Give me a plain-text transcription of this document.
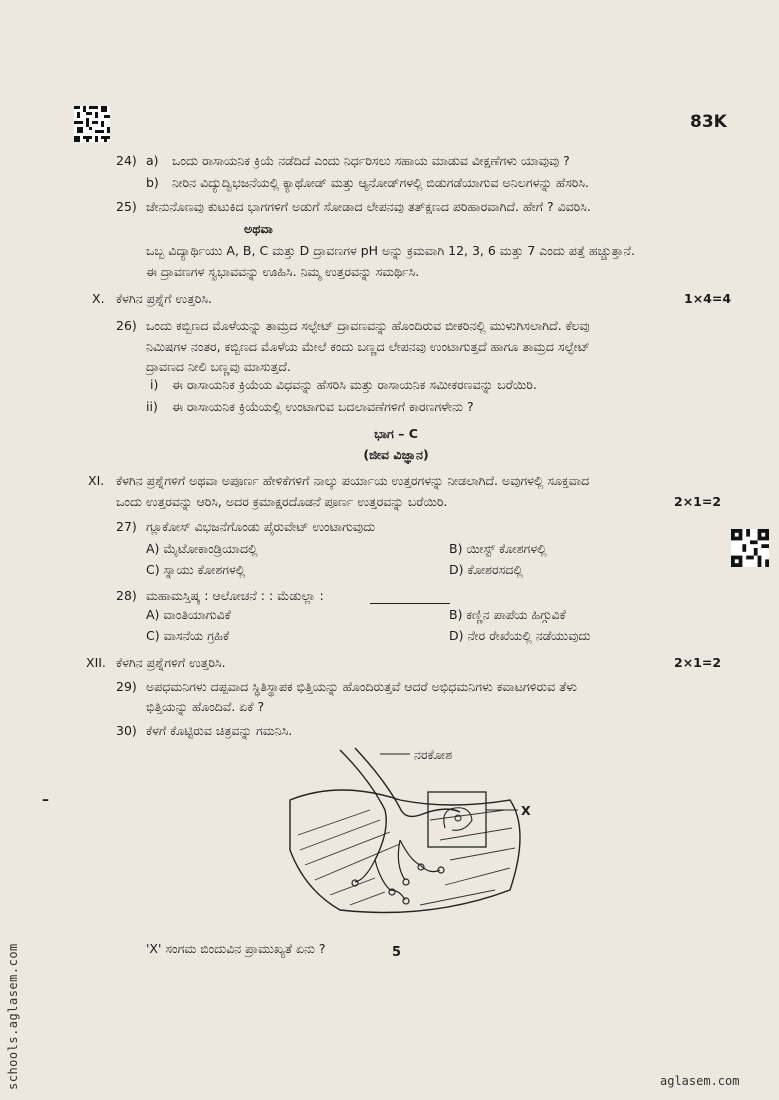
83K
24) a) ಒಂದು ರಾಸಾಯನಿಕ ಕ್ರಿಯೆ ನಡೆದಿದೆ ಎಂದು ನಿರ್ಧರಿಸಲು ಸಹಾಯ ಮಾಡುವ ವೀಕ್ಷಣೆಗಳು ಯಾವುವು ?
b) ನೀರಿನ ವಿದ್ಯುದ್ವಿಭಜನೆಯಲ್ಲಿ ಕ್ಯಾಥೋಡ್ ಮತ್ತು ಆ್ಯನೋಡ್‌ಗಳಲ್ಲಿ ಬಿಡುಗಡೆಯಾಗುವ ಅನಿಲಗಳನ್ನು ಹೆಸರಿಸಿ.
25) ಜೇನುನೊಣವು ಕುಟುಕಿದ ಭಾಗಗಳಿಗೆ ಅಡುಗೆ ಸೋಡಾದ ಲೇಪನವು ತತ್‌ಕ್ಷಣದ ಪರಿಹಾರವಾಗಿದೆ. ಹೇಗೆ ? ವಿವರಿಸಿ.
ಅಥವಾ
ಒಬ್ಬ ವಿದ್ಯಾರ್ಥಿಯು A, B, C ಮತ್ತು D ದ್ರಾವಣಗಳ pH ಅನ್ನು ಕ್ರಮವಾಗಿ 12, 3, 6 ಮತ್ತು 7 ಎಂದು ಪತ್ತೆ ಹಚ್ಚುತ್ತಾನೆ.
ಈ ದ್ರಾವಣಗಳ ಸ್ವಭಾವವನ್ನು ಊಹಿಸಿ. ನಿಮ್ಮ ಉತ್ತರವನ್ನು ಸಮರ್ಥಿಸಿ.
X. ಕೆಳಗಿನ ಪ್ರಶ್ನೆಗೆ ಉತ್ತರಿಸಿ.	1×4=4
26) ಒಂದು ಕಬ್ಬಿಣದ ಮೊಳೆಯನ್ನು ತಾಮ್ರದ ಸಲ್ಫೇಟ್ ದ್ರಾವಣವನ್ನು ಹೊಂದಿರುವ ಬೀಕರಿನಲ್ಲಿ ಮುಳುಗಿಸಲಾಗಿದೆ. ಕೆಲವು
ನಿಮಿಷಗಳ ನಂತರ, ಕಬ್ಬಿಣದ ಮೊಳೆಯ ಮೇಲೆ ಕಂದು ಬಣ್ಣದ ಲೇಪನವು ಉಂಟಾಗುತ್ತದೆ ಹಾಗೂ ತಾಮ್ರದ ಸಲ್ಫೇಟ್
ದ್ರಾವಣದ ನೀಲಿ ಬಣ್ಣವು ಮಾಸುತ್ತದೆ.
i) ಈ ರಾಸಾಯನಿಕ ಕ್ರಿಯೆಯ ವಿಧವನ್ನು ಹೆಸರಿಸಿ ಮತ್ತು ರಾಸಾಯನಿಕ ಸಮೀಕರಣವನ್ನು ಬರೆಯಿರಿ.
ii) ಈ ರಾಸಾಯನಿಕ ಕ್ರಿಯೆಯಲ್ಲಿ ಉಂಟಾಗುವ ಬದಲಾವಣೆಗಳಿಗೆ ಕಾರಣಗಳೇನು ?
ಭಾಗ – C
(ಜೀವ ವಿಜ್ಞಾನ)
XI. ಕೆಳಗಿನ ಪ್ರಶ್ನೆಗಳಿಗೆ ಅಥವಾ ಅಪೂರ್ಣ ಹೇಳಿಕೆಗಳಿಗೆ ನಾಲ್ಕು ಪರ್ಯಾಯ ಉತ್ತರಗಳನ್ನು ನೀಡಲಾಗಿದೆ. ಅವುಗಳಲ್ಲಿ ಸೂಕ್ತವಾದ
ಒಂದು ಉತ್ತರವನ್ನು ಆರಿಸಿ, ಅದರ ಕ್ರಮಾಕ್ಷರದೊಡನೆ ಪೂರ್ಣ ಉತ್ತರವನ್ನು ಬರೆಯಿರಿ.	2×1=2
27) ಗ್ಲೂಕೋಸ್ ವಿಭಜನೆಗೊಂಡು ಪೈರುವೇಟ್ ಉಂಟಾಗುವುದು
A) ಮೈಟೋಕಾಂಡ್ರಿಯಾದಲ್ಲಿ	B) ಯೀಸ್ಟ್ ಕೋಶಗಳಲ್ಲಿ
C) ಸ್ನಾಯು ಕೋಶಗಳಲ್ಲಿ	D) ಕೋಶರಸದಲ್ಲಿ
28) ಮಹಾಮಸ್ತಿಷ್ಕ : ಆಲೋಚನೆ : : ಮೆಡುಲ್ಲಾ :
A) ವಾಂತಿಯಾಗುವಿಕೆ	B) ಕಣ್ಣಿನ ಪಾಪೆಯ ಹಿಗ್ಗುವಿಕೆ
C) ವಾಸನೆಯ ಗ್ರಹಿಕೆ	D) ನೇರ ರೇಖೆಯಲ್ಲಿ ನಡೆಯುವುದು
XII. ಕೆಳಗಿನ ಪ್ರಶ್ನೆಗಳಿಗೆ ಉತ್ತರಿಸಿ.	2×1=2
29) ಅಪಧಮನಿಗಳು ದಪ್ಪವಾದ ಸ್ಥಿತಿಸ್ಥಾಪಕ ಭಿತ್ತಿಯನ್ನು ಹೊಂದಿರುತ್ತವೆ ಆದರೆ ಅಭಿಧಮನಿಗಳು ಕವಾಟಗಳಿರುವ ತೆಳು
ಭಿತ್ತಿಯನ್ನು ಹೊಂದಿವೆ. ಏಕೆ ?
30) ಕೆಳಗೆ ಕೊಟ್ಟಿರುವ ಚಿತ್ರವನ್ನು ಗಮನಿಸಿ.
–
ನರಕೋಶ
X
'X' ಸಂಗಮ ಬಿಂದುವಿನ ಪ್ರಾಮುಖ್ಯತೆ ಏನು ?	5
schools.aglasem.com	aglasem.com
